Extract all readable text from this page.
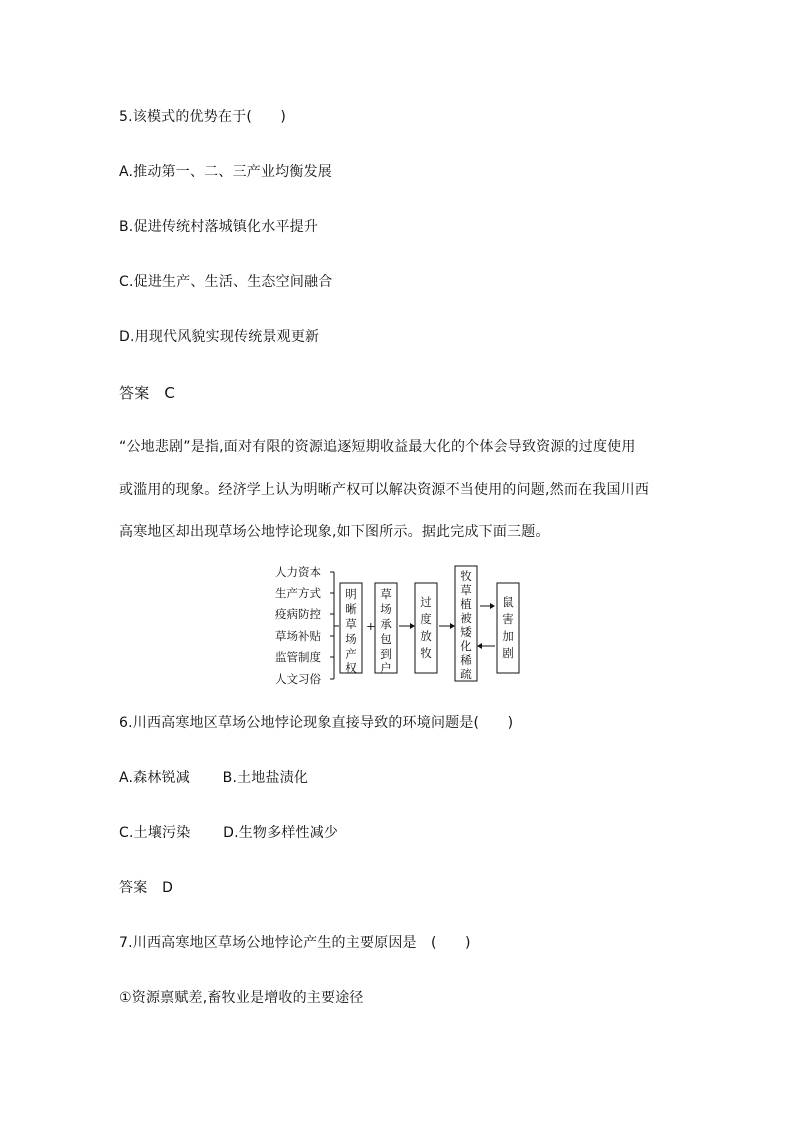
5.该模式的优势在于(　　)
A.推动第一、二、三产业均衡发展
B.促进传统村落城镇化水平提升
C.促进生产、生活、生态空间融合
D.用现代风貌实现传统景观更新
答案 C
“公地悲剧”是指,面对有限的资源追逐短期收益最大化的个体会导致资源的过度使用
或滥用的现象。经济学上认为明晰产权可以解决资源不当使用的问题,然而在我国川西
高寒地区却出现草场公地悖论现象,如下图所示。据此完成下面三题。
人力资本
生产方式
疫病防控
草场补贴
监管制度
人文习俗
明
晰
草
场
产
权
+
草
场
承
包
到
户
过
度
放
牧
牧
草
植
被
矮
化
稀
疏
鼠
害
加
剧
6.川西高寒地区草场公地悖论现象直接导致的环境问题是(　　)
A.森林锐减 B.土地盐渍化
C.土壤污染 D.生物多样性减少
答案 D
7.川西高寒地区草场公地悖论产生的主要原因是　(　　)
①资源禀赋差,畜牧业是增收的主要途径
